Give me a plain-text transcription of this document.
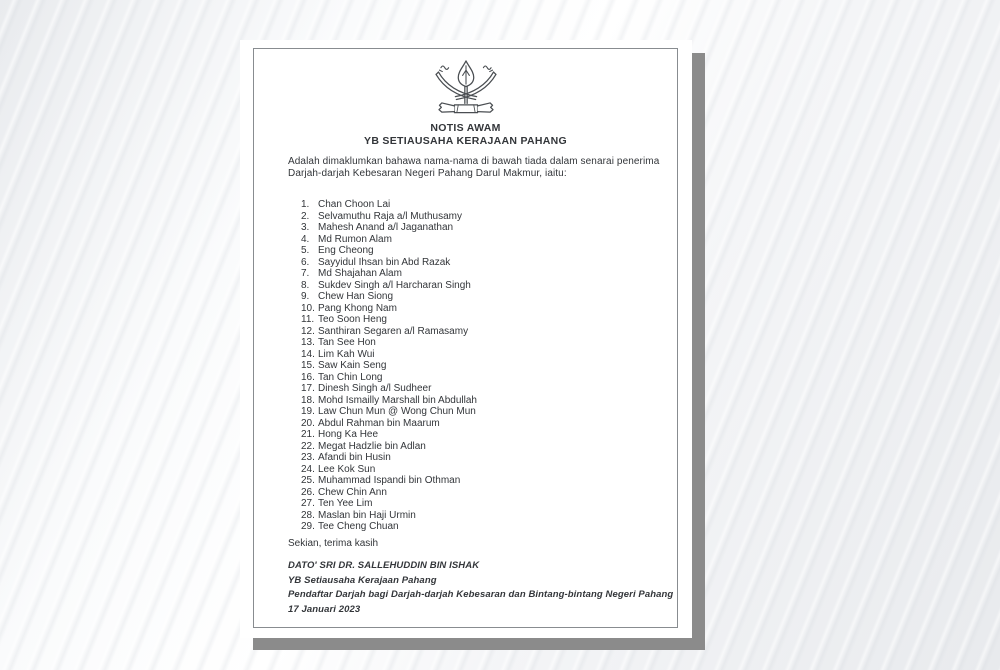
NOTIS AWAM
YB SETIAUSAHA KERAJAAN PAHANG
Adalah dimaklumkan bahawa nama-nama di bawah tiada dalam senarai penerima
Darjah-darjah Kebesaran Negeri Pahang Darul Makmur, iaitu:
1. Chan Choon Lai
2. Selvamuthu Raja a/l Muthusamy
3. Mahesh Anand a/l Jaganathan
4. Md Rumon Alam
5. Eng Cheong
6. Sayyidul Ihsan bin Abd Razak
7. Md Shajahan Alam
8. Sukdev Singh a/l Harcharan Singh
9. Chew Han Siong
10. Pang Khong Nam
11. Teo Soon Heng
12. Santhiran Segaren a/l Ramasamy
13. Tan See Hon
14. Lim Kah Wui
15. Saw Kain Seng
16. Tan Chin Long
17. Dinesh Singh a/l Sudheer
18. Mohd Ismailly Marshall bin Abdullah
19. Law Chun Mun @ Wong Chun Mun
20. Abdul Rahman bin Maarum
21. Hong Ka Hee
22. Megat Hadzlie bin Adlan
23. Afandi bin Husin
24. Lee Kok Sun
25. Muhammad Ispandi bin Othman
26. Chew Chin Ann
27. Ten Yee Lim
28. Maslan bin Haji Urmin
29. Tee Cheng Chuan
Sekian, terima kasih
DATO' SRI DR. SALLEHUDDIN BIN ISHAK
YB Setiausaha Kerajaan Pahang
Pendaftar Darjah bagi Darjah-darjah Kebesaran dan Bintang-bintang Negeri Pahang
17 Januari 2023
